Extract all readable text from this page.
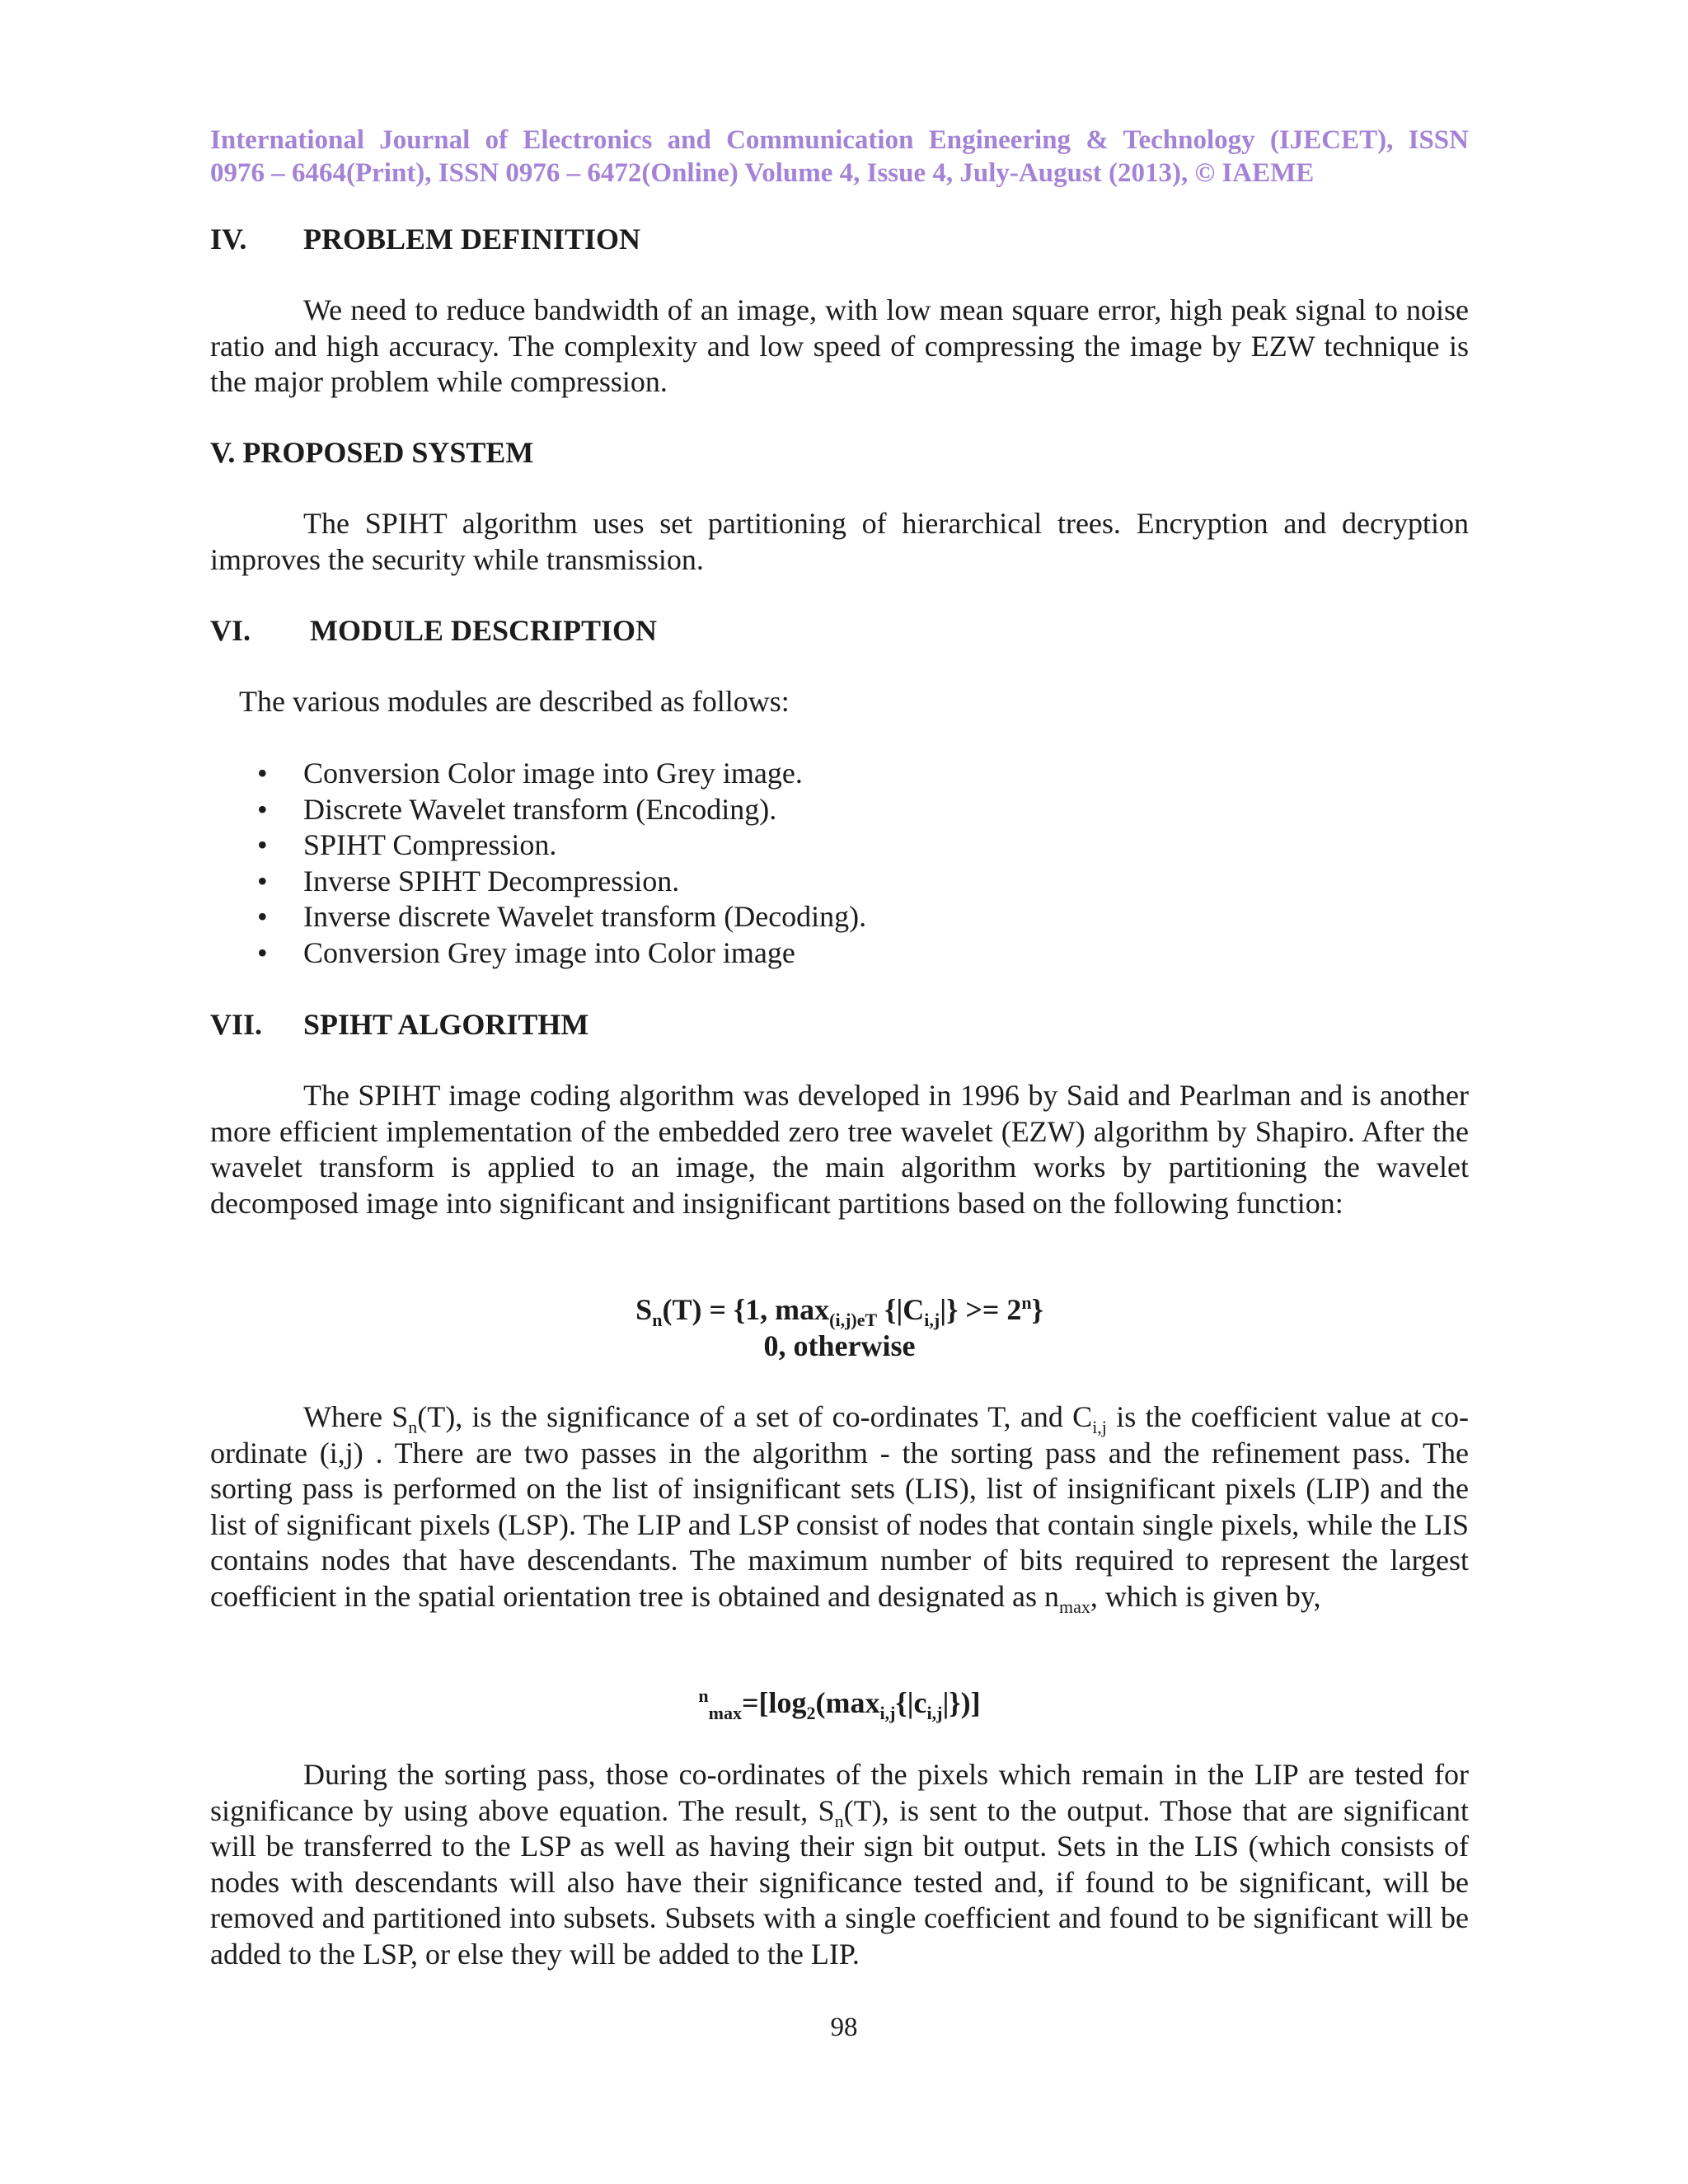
International Journal of Electronics and Communication Engineering & Technology (IJECET), ISSN
0976 – 6464(Print), ISSN 0976 – 6472(Online) Volume 4, Issue 4, July-August (2013), © IAEME
IV. PROBLEM DEFINITION

We need to reduce bandwidth of an image, with low mean square error, high peak signal to noise ratio and high accuracy. The complexity and low speed of compressing the image by EZW technique is the major problem while compression.

V. PROPOSED SYSTEM

The SPIHT algorithm uses set partitioning of hierarchical trees. Encryption and decryption improves the security while transmission.

VI. MODULE DESCRIPTION

The various modules are described as follows:

• Conversion Color image into Grey image.
• Discrete Wavelet transform (Encoding).
• SPIHT Compression.
• Inverse SPIHT Decompression.
• Inverse discrete Wavelet transform (Decoding).
• Conversion Grey image into Color image
VII. SPIHT ALGORITHM

The SPIHT image coding algorithm was developed in 1996 by Said and Pearlman and is another more efficient implementation of the embedded zero tree wavelet (EZW) algorithm by Shapiro. After the wavelet transform is applied to an image, the main algorithm works by partitioning the wavelet decomposed image into significant and insignificant partitions based on the following function:

$S_n(T) = \{1$, $\max_{(i,j)eT} \{|C_{i,j}|\} >= 2^n$}
0, otherwise

Where $S_n(T)$, is the significance of a set of co-ordinates T, and $C_{i,j}$ is the coefficient value at co-ordinate (i,j) . There are two passes in the algorithm - the sorting pass and the refinement pass. The sorting pass is performed on the list of insignificant sets (LIS), list of insignificant pixels (LIP) and the list of significant pixels (LSP). The LIP and LSP consist of nodes that contain single pixels, while the LIS contains nodes that have descendants. The maximum number of bits required to represent the largest coefficient in the spatial orientation tree is obtained and designated as $n_{max}$, which is given by,

$^n_{max}=[\log_2(\max_{i,j}\{|c_{i,j}|\})]$

During the sorting pass, those co-ordinates of the pixels which remain in the LIP are tested for significance by using above equation. The result, $S_n(T)$, is sent to the output. Those that are significant will be transferred to the LSP as well as having their sign bit output. Sets in the LIS (which consists of nodes with descendants will also have their significance tested and, if found to be significant, will be removed and partitioned into subsets. Subsets with a single coefficient and found to be significant will be added to the LSP, or else they will be added to the LIP.

98
